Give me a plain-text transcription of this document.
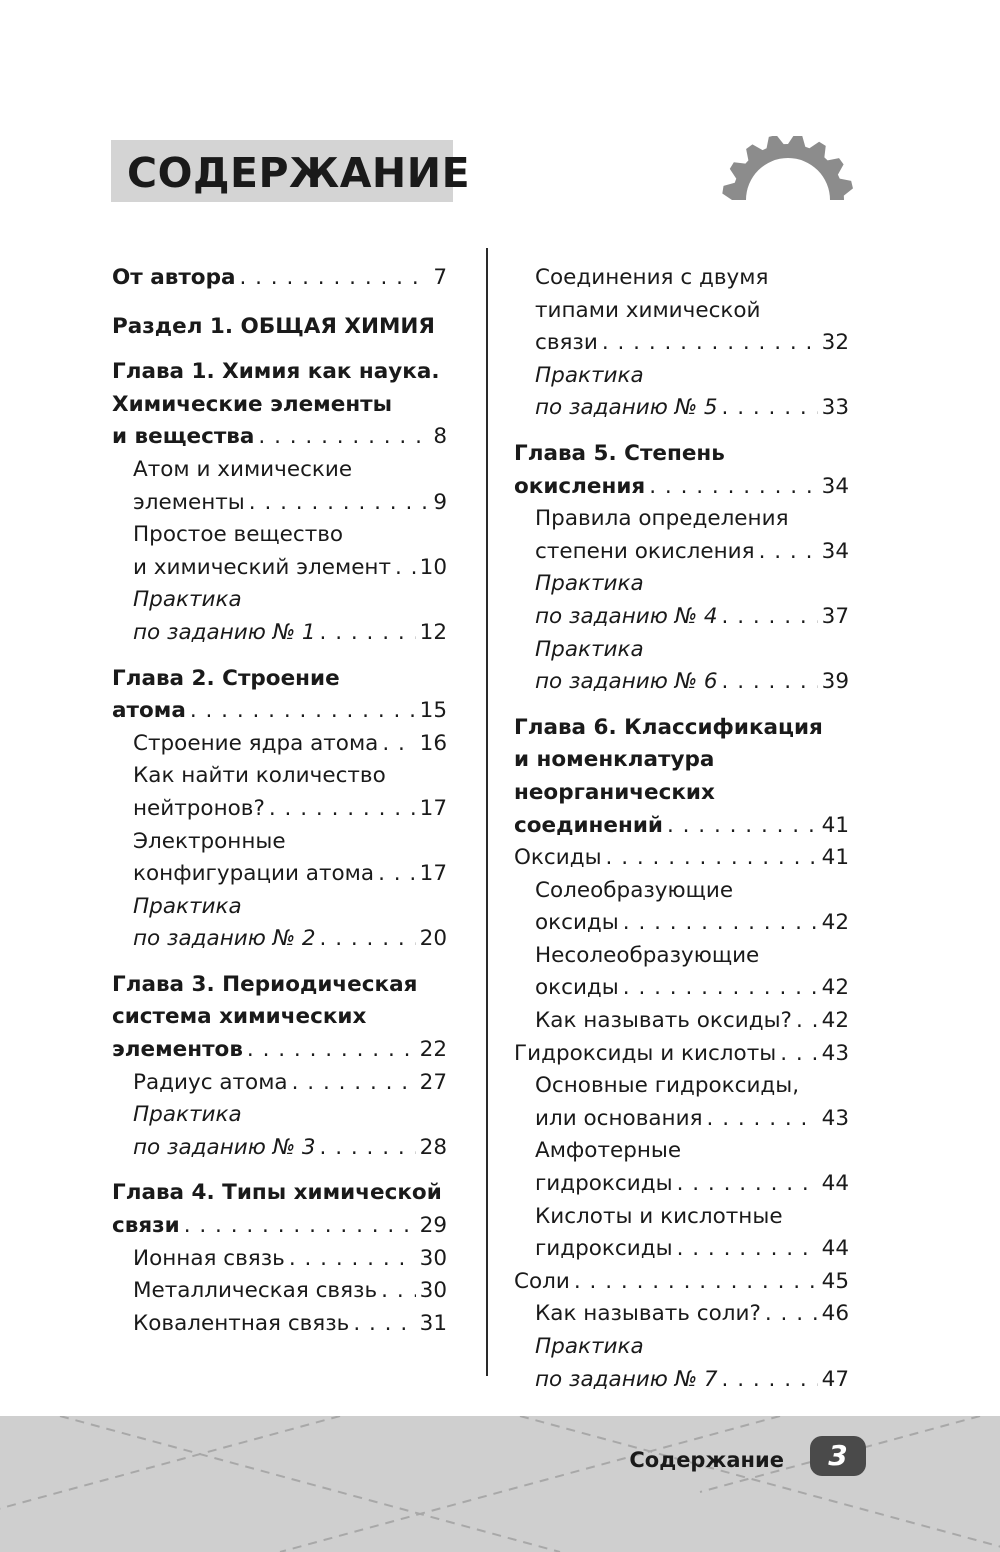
СОДЕРЖАНИЕ
От автора . . .	7
Раздел 1. ОБЩАЯ ХИМИЯ
Глава 1. Химия как наука.
Химические элементы
и вещества . . .	8
Атом и химические
элементы . . .	9
Простое вещество
и химический элемент . . . 10
Практика
по заданию № 1 . . .	12
Глава 2. Строение
атома . . .	15
Строение ядра атома . . . 16
Как найти количество
нейтронов? . . .	17
Электронные
конфигурации атома . . . 17
Практика
по заданию № 2 . . .	20
Глава 3. Периодическая
система химических
элементов . . .	22
Радиус атома . . .	27
Практика
по заданию № 3 . . .	28
Глава 4. Типы химической
связи . . .	29
Ионная связь . . .	30
Металлическая связь . . . 30
Ковалентная связь . . .	31
Соединения с двумя
типами химической
связи . . .	32
Практика
по заданию № 5 . . .	33
Глава 5. Степень
окисления . . .	34
Правила определения
степени окисления . . .	34
Практика
по заданию № 4 . . .	37
Практика
по заданию № 6 . . .	39
Глава 6. Классификация
и номенклатура
неорганических
соединений . . .	41
Оксиды . . .	41
Солеобразующие
оксиды . . .	42
Несолеобразующие
оксиды . . .	42
Как называть оксиды? . . . 42
Гидроксиды и кислоты . . . 43
Основные гидроксиды,
или основания . . .	43
Амфотерные
гидроксиды . . .	44
Кислоты и кислотные
гидроксиды . . .	44
Соли . . .	45
Как называть соли? . . .	46
Практика
по заданию № 7 . . .	47
Содержание	3
